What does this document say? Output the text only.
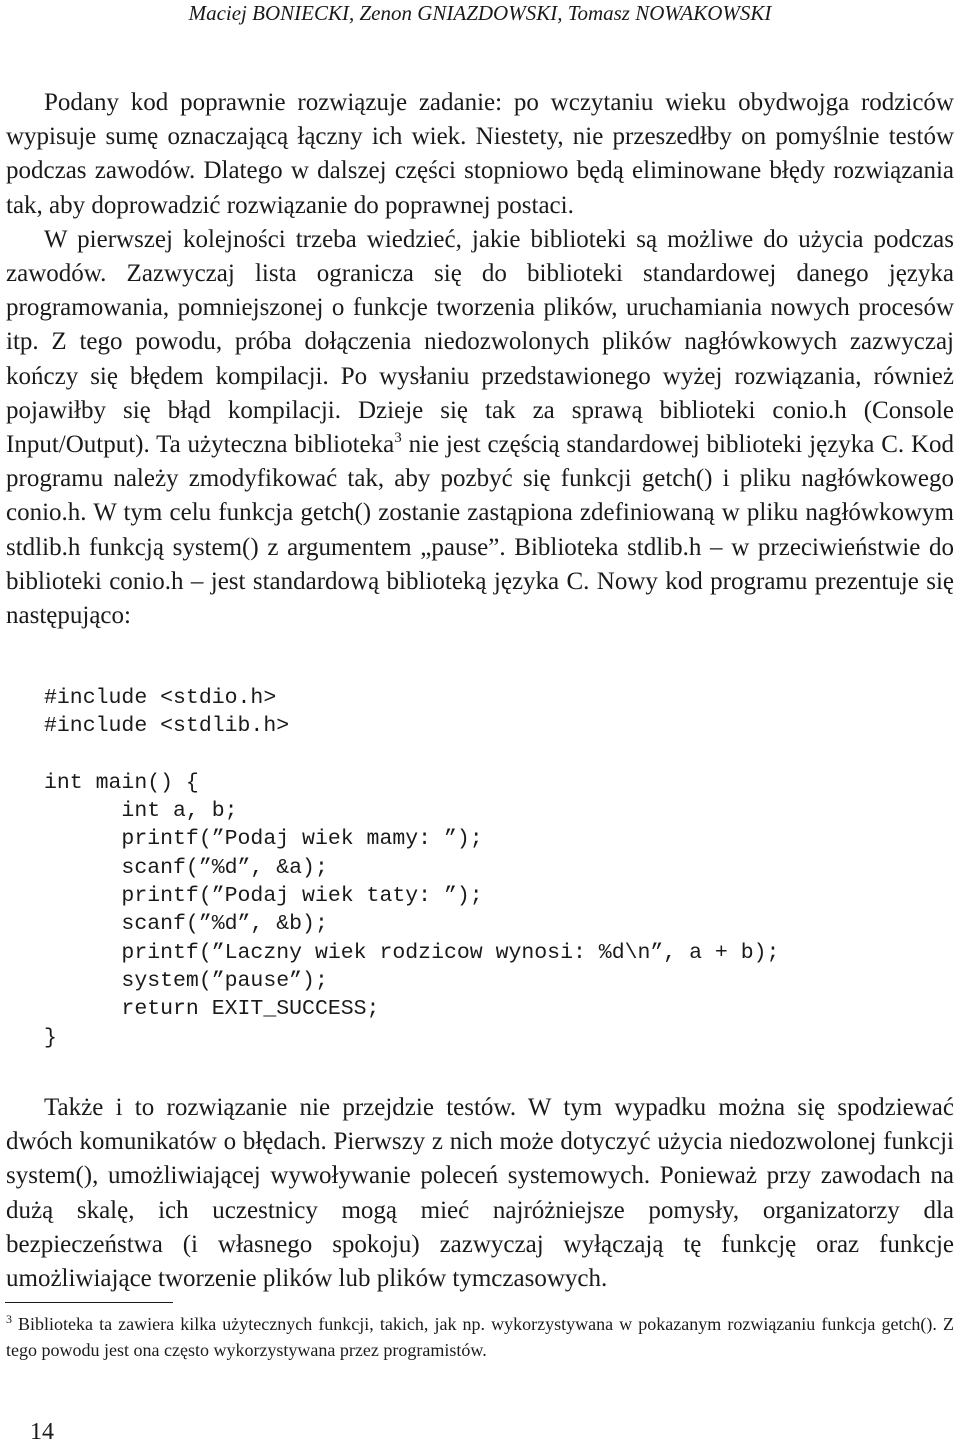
Maciej BONIECKI, Zenon GNIAZDOWSKI, Tomasz NOWAKOWSKI

Podany kod poprawnie rozwiązuje zadanie: po wczytaniu wieku obydwojga rodziców wypisuje sumę oznaczającą łączny ich wiek. Niestety, nie przeszedłby on pomyślnie testów podczas zawodów. Dlatego w dalszej części stopniowo będą eliminowane błędy rozwiązania tak, aby doprowadzić rozwiązanie do poprawnej postaci.

W pierwszej kolejności trzeba wiedzieć, jakie biblioteki są możliwe do użycia podczas zawodów. Zazwyczaj lista ogranicza się do biblioteki standardowej danego języka programowania, pomniejszonej o funkcje tworzenia plików, uruchamiania nowych procesów itp. Z tego powodu, próba dołączenia niedozwolonych plików nagłówkowych zazwyczaj kończy się błędem kompilacji. Po wysłaniu przedstawionego wyżej rozwiązania, również pojawiłby się błąd kompilacji. Dzieje się tak za sprawą biblioteki conio.h (Console Input/Output). Ta użyteczna biblioteka$^3$ nie jest częścią standardowej biblioteki języka C. Kod programu należy zmodyfikować tak, aby pozbyć się funkcji getch() i pliku nagłówkowego conio.h. W tym celu funkcja getch() zostanie zastąpiona zdefiniowaną w pliku nagłówkowym stdlib.h funkcją system() z argumentem „pause”. Biblioteka stdlib.h – w przeciwieństwie do biblioteki conio.h – jest standardową biblioteką języka C. Nowy kod programu prezentuje się następująco:

#include <stdio.h>
#include <stdlib.h>
int main() {
int a, b;
printf(”Podaj wiek mamy: ”);
scanf(”%d”, &a);
printf(”Podaj wiek taty: ”);
scanf(”%d”, &b);
printf(”Laczny wiek rodzicow wynosi: %d\n”, a + b);
system(”pause”);
return EXIT_SUCCESS;
}

Także i to rozwiązanie nie przejdzie testów. W tym wypadku można się spodziewać dwóch komunikatów o błędach. Pierwszy z nich może dotyczyć użycia niedozwolonej funkcji system(), umożliwiającej wywoływanie poleceń systemowych. Ponieważ przy zawodach na dużą skalę, ich uczestnicy mogą mieć najróżniejsze pomysły, organizatorzy dla bezpieczeństwa (i własnego spokoju) zazwyczaj wyłączają tę funkcję oraz funkcje umożliwiające tworzenie plików lub plików tymczasowych.

$^3$ Biblioteka ta zawiera kilka użytecznych funkcji, takich, jak np. wykorzystywana w pokazanym rozwiązaniu funkcja getch(). Z tego powodu jest ona często wykorzystywana przez programistów.
14
